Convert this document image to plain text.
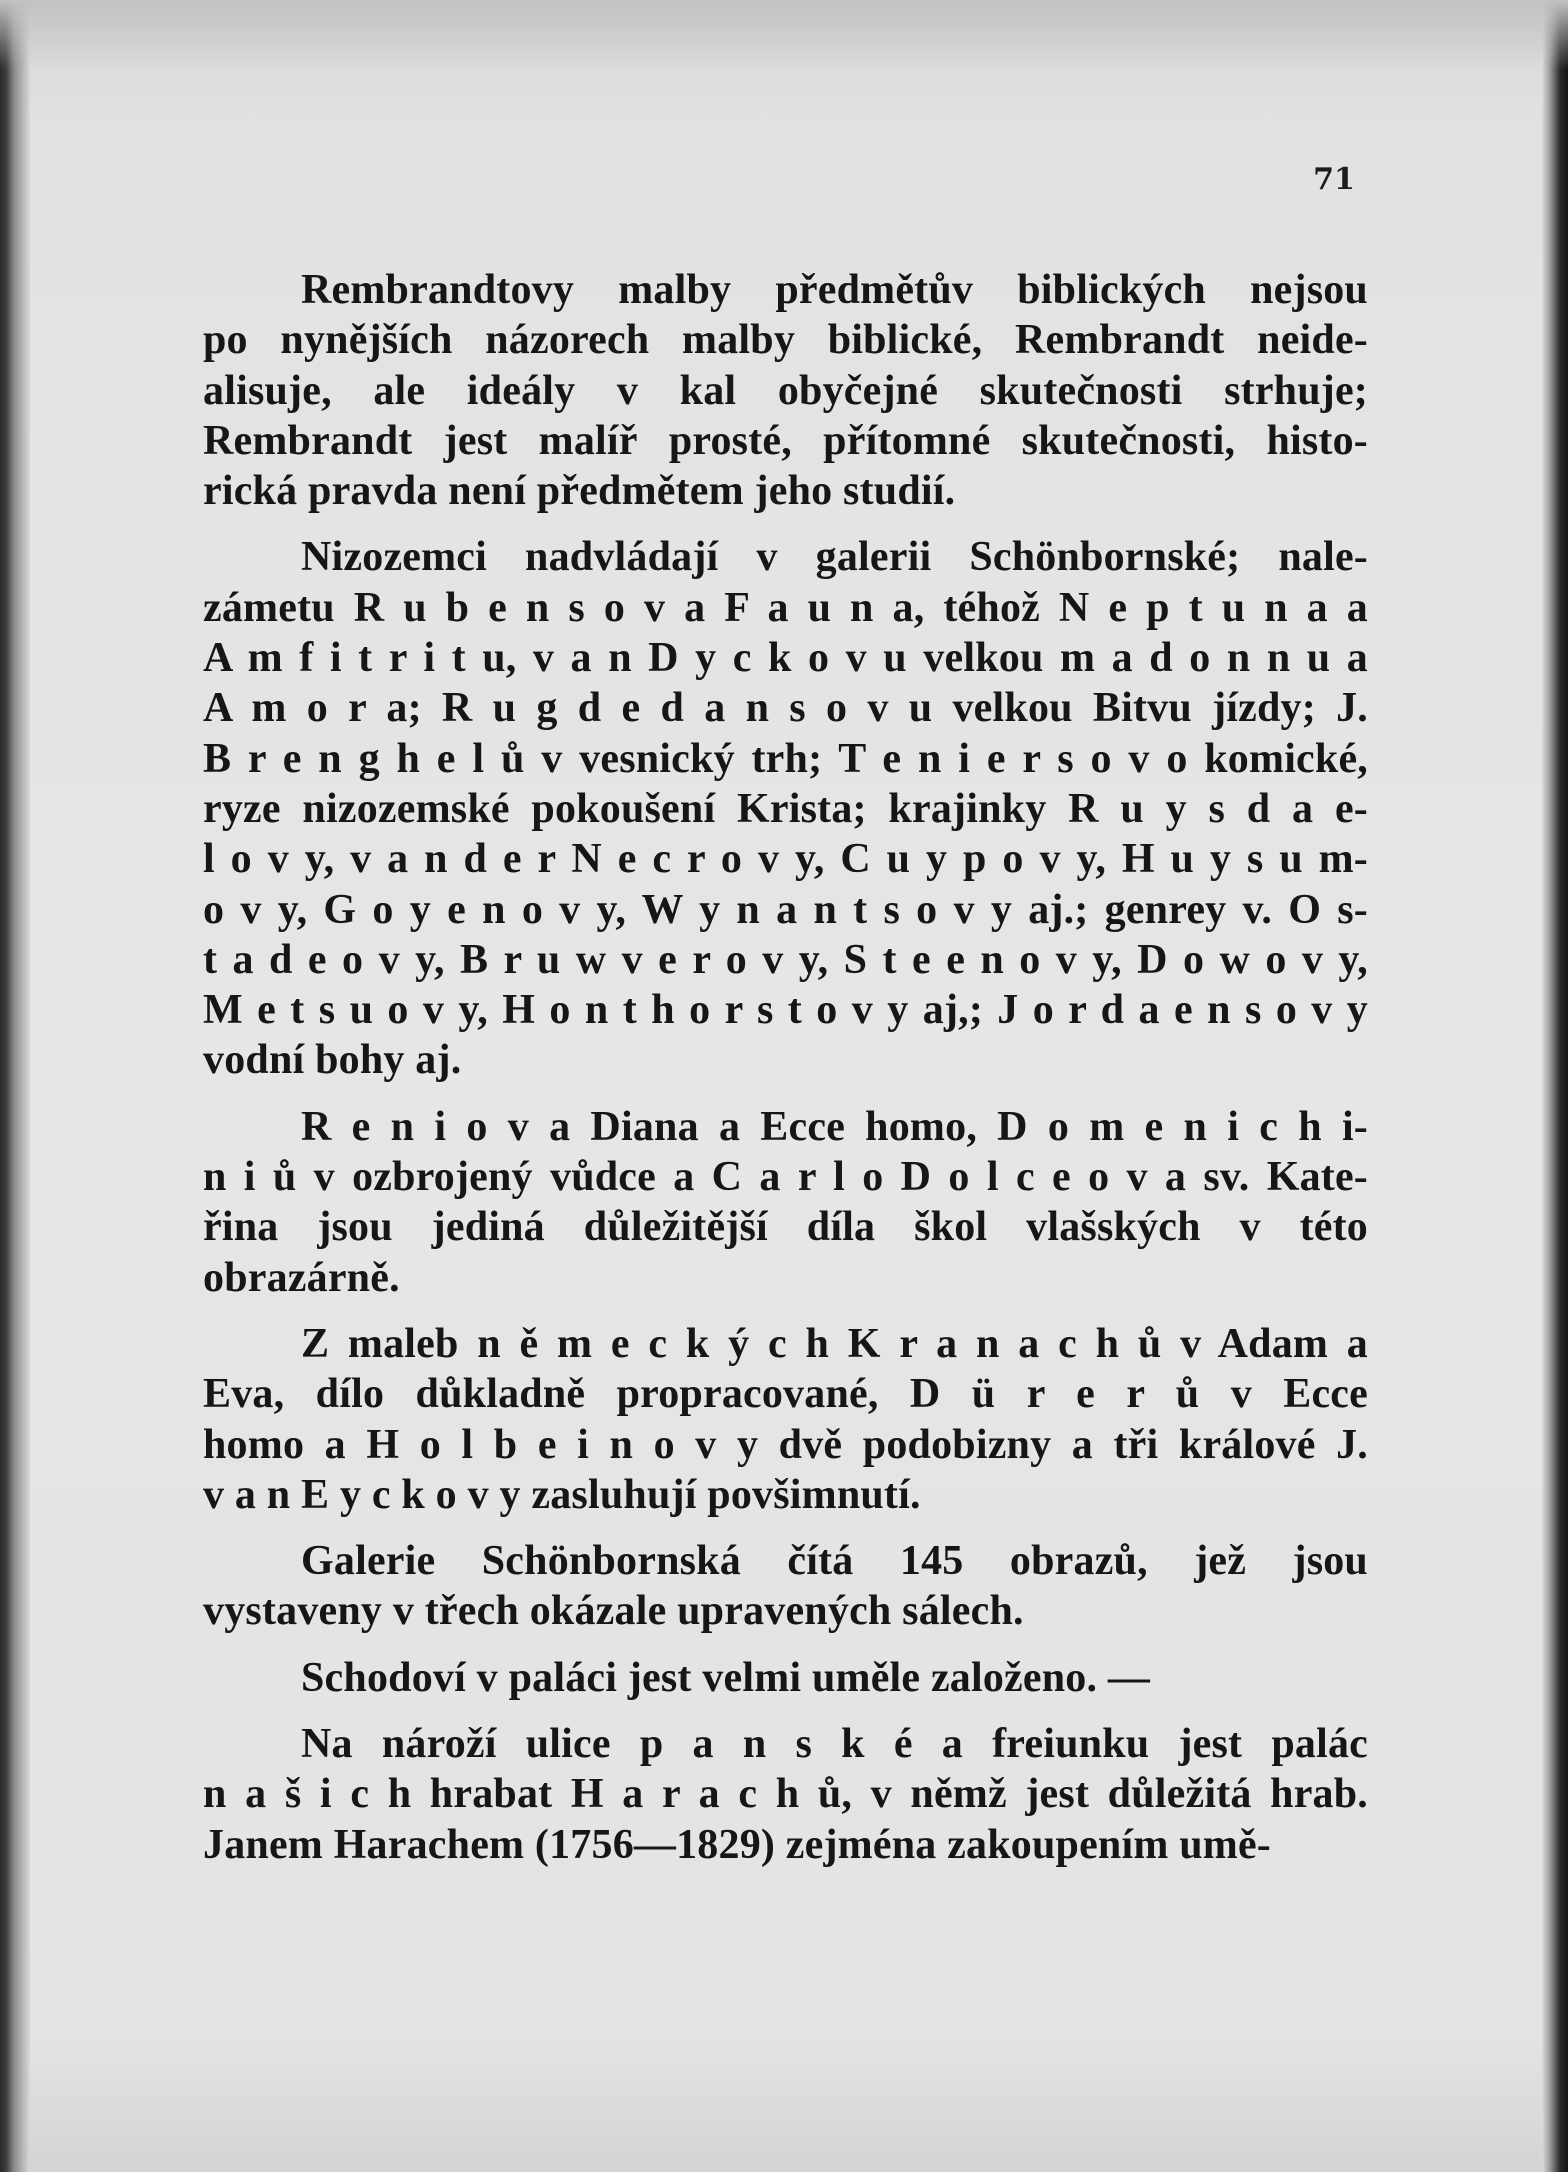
71
Rembrandtovy malby předmětův biblických nejsou
po nynějších názorech malby biblické, Rembrandt neide-
alisuje, ale ideály v kal obyčejné skutečnosti strhuje;
Rembrandt jest malíř prosté, přítomné skutečnosti, histo-
rická pravda není předmětem jeho studií.
Nizozemci nadvládají v galerii Schönbornské; nale-
zámetu R u b e n s o v a F a u n a, téhož N e p t u n a a
A m f i t r i t u, v a n D y c k o v u velkou m a d o n n u a
A m o r a; R u g d e d a n s o v u velkou Bitvu jízdy; J.
B r e n g h e l ů v vesnický trh; T e n i e r s o v o komické,
ryze nizozemské pokoušení Krista; krajinky R u y s d a e-
l o v y, v a n d e r N e c r o v y, C u y p o v y, H u y s u m-
o v y, G o y e n o v y, W y n a n t s o v y aj.; genrey v. O s-
t a d e o v y, B r u w v e r o v y, S t e e n o v y, D o w o v y,
M e t s u o v y, H o n t h o r s t o v y aj,; J o r d a e n s o v y
vodní bohy aj.
R e n i o v a Diana a Ecce homo, D o m e n i c h i-
n i ů v ozbrojený vůdce a C a r l o D o l c e o v a sv. Kate-
řina jsou jediná důležitější díla škol vlašských v této
obrazárně.
Z maleb n ě m e c k ý c h K r a n a c h ů v Adam a
Eva, dílo důkladně propracované, D ü r e r ů v Ecce
homo a H o l b e i n o v y dvě podobizny a tři králové J.
v a n E y c k o v y zasluhují povšimnutí.
Galerie Schönbornská čítá 145 obrazů, jež jsou
vystaveny v třech okázale upravených sálech.
Schodoví v paláci jest velmi uměle založeno. —
Na nároží ulice p a n s k é a freiunku jest palác
n a š i c h hrabat H a r a c h ů, v němž jest důležitá hrab.
Janem Harachem (1756—1829) zejména zakoupením umě-
